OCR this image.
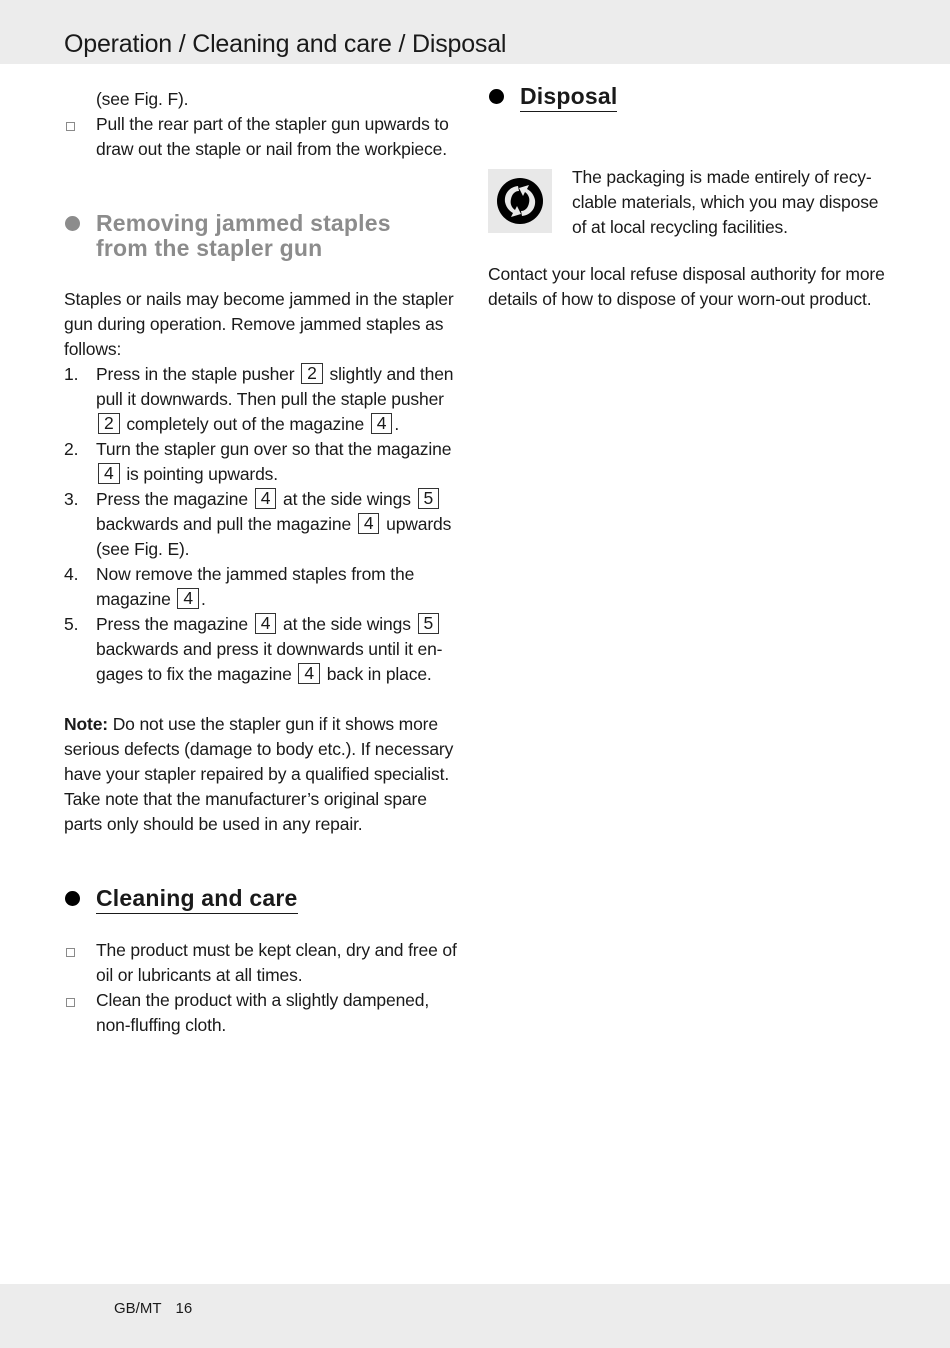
Operation / Cleaning and care / Disposal

(see Fig. F).

Pull the rear part of the stapler gun upwards to draw out the staple or nail from the workpiece.
Removing jammed staples
from the stapler gun

Staples or nails may become jammed in the stapler gun during operation. Remove jammed staples as follows:

1.	Press in the staple pusher 2 slightly and then pull it downwards. Then pull the staple pusher 2 completely out of the magazine 4 .
2.	Turn the stapler gun over so that the magazine 4 is pointing upwards.
3.	Press the magazine 4 at the side wings 5 backwards and pull the magazine 4 upwards (see Fig. E).
4.	Now remove the jammed staples from the magazine 4 .
5.	Press the magazine 4 at the side wings 5 backwards and press it downwards until it en-gages to fix the magazine 4 back in place.

Note: Do not use the stapler gun if it shows more serious defects (damage to body etc.). If necessary have your stapler repaired by a qualified specialist. Take note that the manufacturer’s original spare parts only should be used in any repair.

Cleaning and care
The product must be kept clean, dry and free of oil or lubricants at all times.
Clean the product with a slightly dampened, non-fluffing cloth.
Disposal

The packaging is made entirely of recy-clable materials, which you may dispose of at local recycling facilities.

Contact your local refuse disposal authority for more details of how to dispose of your worn-out product.

GB/MT 16
